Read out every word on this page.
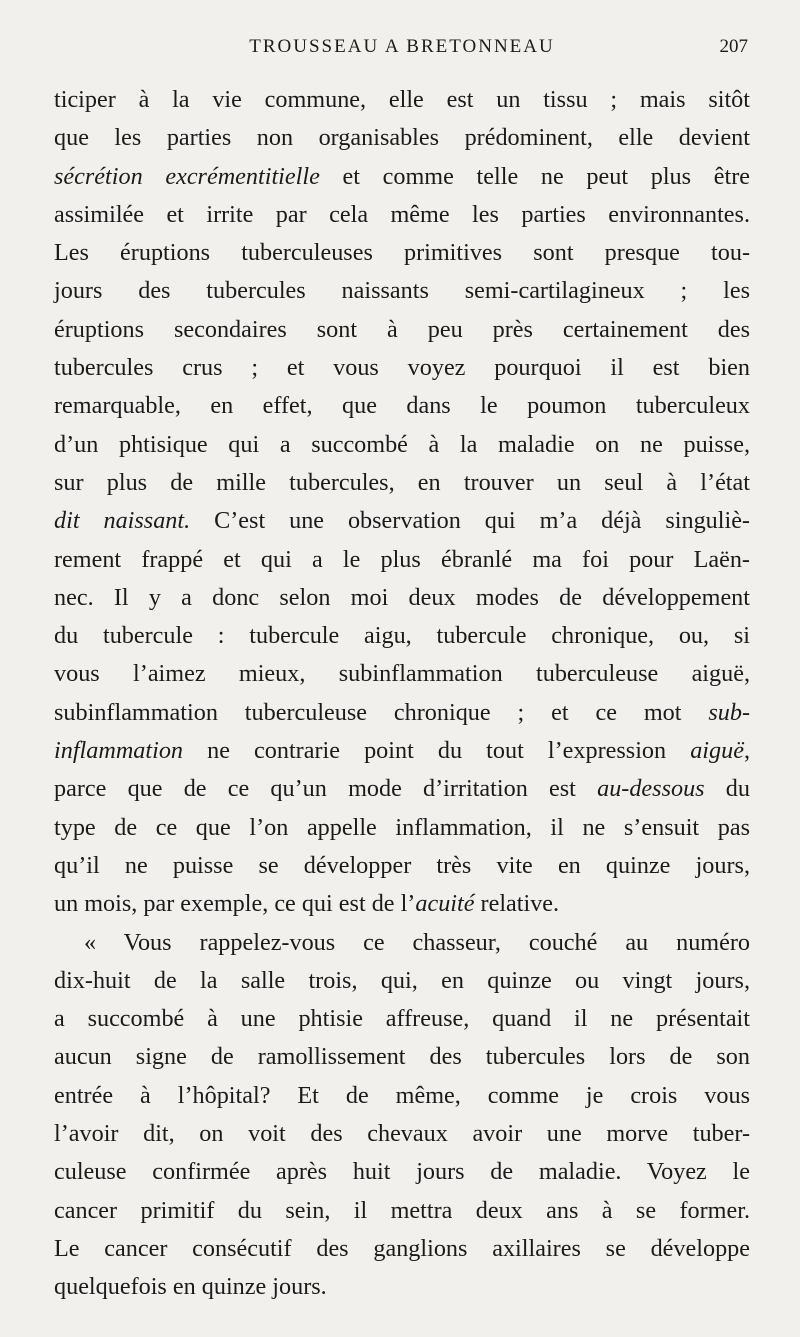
TROUSSEAU A BRETONNEAU	207
ticiper à la vie commune, elle est un tissu ; mais sitôt
que les parties non organisables prédominent, elle devient
sécrétion excrémentitielle et comme telle ne peut plus être
assimilée et irrite par cela même les parties environnantes.
Les éruptions tuberculeuses primitives sont presque tou-
jours des tubercules naissants semi-cartilagineux ; les
éruptions secondaires sont à peu près certainement des
tubercules crus ; et vous voyez pourquoi il est bien
remarquable, en effet, que dans le poumon tuberculeux
d’un phtisique qui a succombé à la maladie on ne puisse,
sur plus de mille tubercules, en trouver un seul à l’état
dit naissant. C’est une observation qui m’a déjà singuliè-
rement frappé et qui a le plus ébranlé ma foi pour Laën-
nec. Il y a donc selon moi deux modes de développement
du tubercule : tubercule aigu, tubercule chronique, ou, si
vous l’aimez mieux, subinflammation tuberculeuse aiguë,
subinflammation tuberculeuse chronique ; et ce mot sub-
inflammation ne contrarie point du tout l’expression aiguë,
parce que de ce qu’un mode d’irritation est au-dessous du
type de ce que l’on appelle inflammation, il ne s’ensuit pas
qu’il ne puisse se développer très vite en quinze jours,
un mois, par exemple, ce qui est de l’acuité relative.
« Vous rappelez-vous ce chasseur, couché au numéro
dix-huit de la salle trois, qui, en quinze ou vingt jours,
a succombé à une phtisie affreuse, quand il ne présentait
aucun signe de ramollissement des tubercules lors de son
entrée à l’hôpital? Et de même, comme je crois vous
l’avoir dit, on voit des chevaux avoir une morve tuber-
culeuse confirmée après huit jours de maladie. Voyez le
cancer primitif du sein, il mettra deux ans à se former.
Le cancer consécutif des ganglions axillaires se développe
quelquefois en quinze jours.
